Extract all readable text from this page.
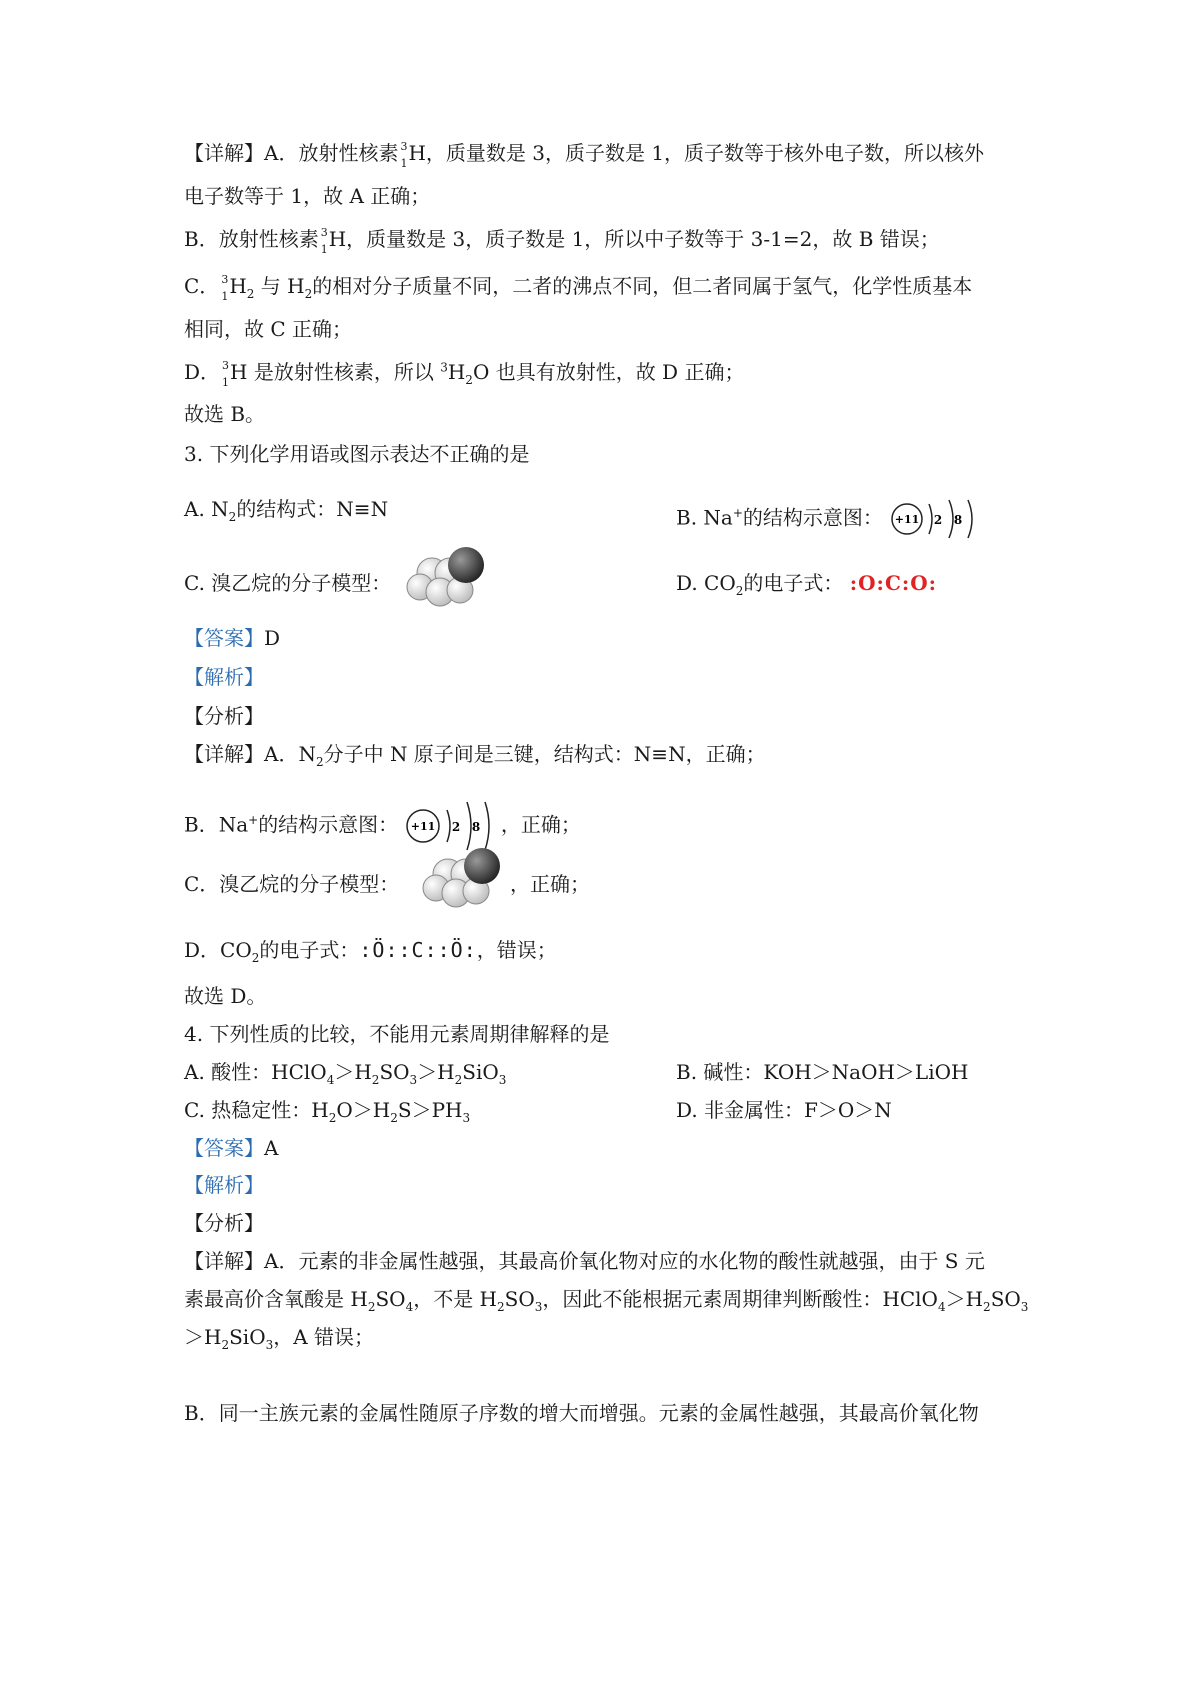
【详解】A．放射性核素 3
1 H，质量数是 3，质子数是 1，质子数等于核外电子数，所以核外
电子数等于 1，故 A 正确；
B．放射性核素 3
1 H，质量数是 3，质子数是 1，所以中子数等于 3-1=2，故 B 错误；
C． 3
1 $H_2$ 与 $H_2$的相对分子质量不同，二者的沸点不同，但二者同属于氢气，化学性质基本
相同，故 C 正确；
D． 3
1 H 是放射性核素，所以 $^3H_2O$ 也具有放射性，故 D 正确；
故选 B。
3. 下列化学用语或图示表达不正确的是
A. $N_2$的结构式：N≡N	B. Na+的结构示意图： +11 2 8
C. 溴乙烷的分子模型：	D. $CO_2$的电子式： :O:C:O:
【答案】D
【解析】
【分析】
【详解】A．$N_2$分子中 N 原子间是三键，结构式：N≡N，正确；
B．Na+的结构示意图： +11 2 8 ，正确；
C．溴乙烷的分子模型：	，正确；
D．$CO_2$的电子式：:Ö::C::Ö:，错误；
故选 D。
4. 下列性质的比较，不能用元素周期律解释的是
A. 酸性：$HClO_4>H_2SO_3>H_2SiO_3$	B. 碱性：KOH＞NaOH＞LiOH
C. 热稳定性：$H_2O>H_2S>PH_3$	D. 非金属性：F＞O＞N
【答案】A
【解析】
【分析】
【详解】A．元素的非金属性越强，其最高价氧化物对应的水化物的酸性就越强，由于 S 元
素最高价含氧酸是 $H_2SO_4$，不是 $H_2SO_3$，因此不能根据元素周期律判断酸性：$HClO_4>H_2SO_3$
$>H_2SiO_3$，A 错误；
B．同一主族元素的金属性随原子序数的增大而增强。元素的金属性越强，其最高价氧化物
